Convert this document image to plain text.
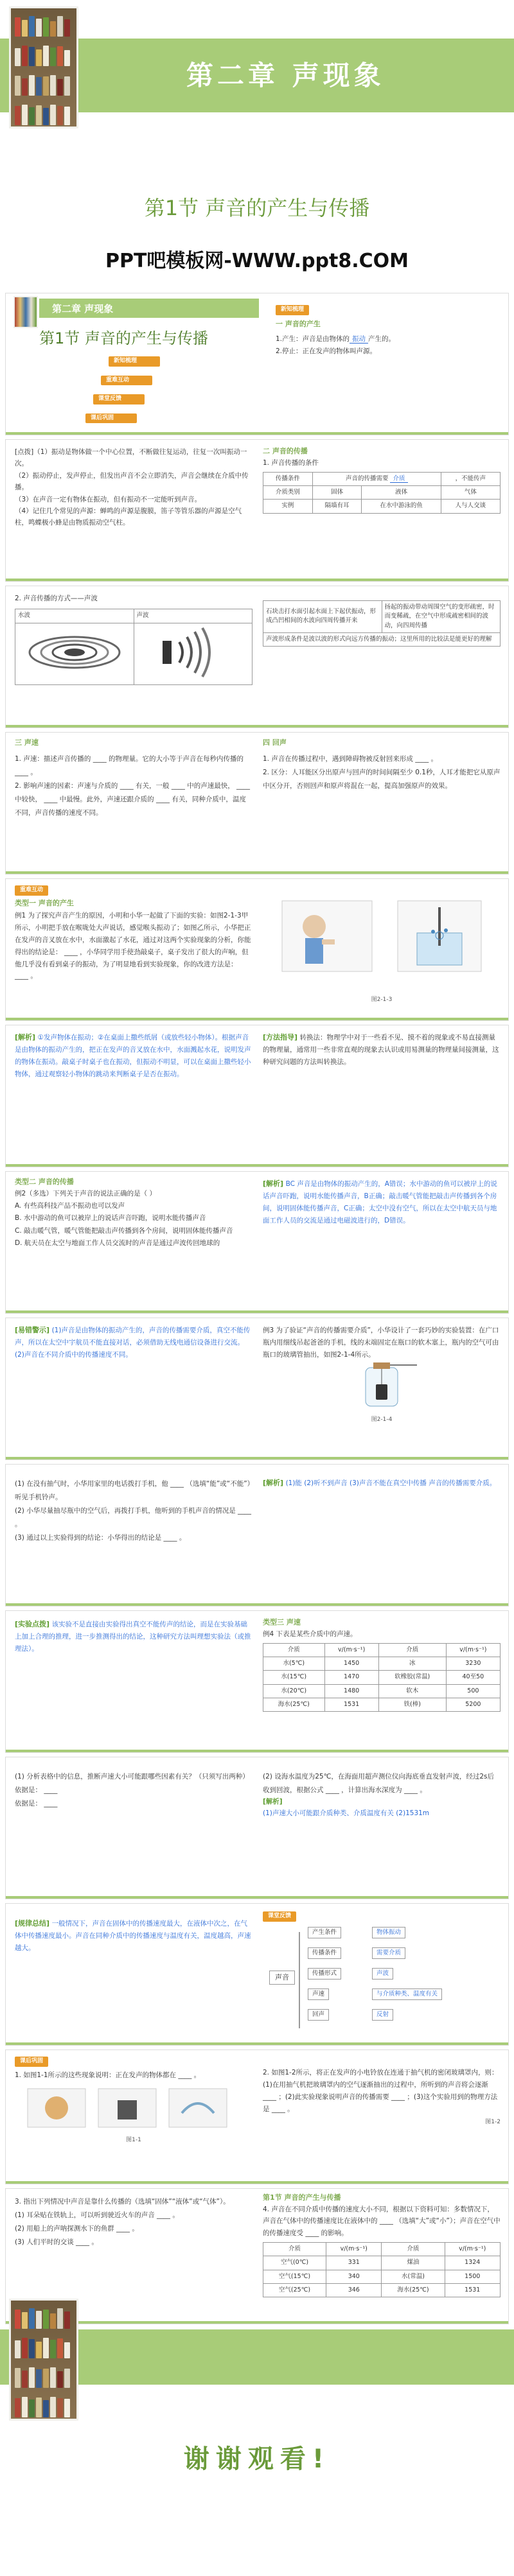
第二章 声现象
第1节 声音的产生与传播
PPT吧模板网-WWW.ppt8.COM
第二章 声现象
第1节 声音的产生与传播
新知梳理
重难互动
课堂反馈
课后巩固
新知梳理
一 声音的产生
1.产生：声音是由物体的 振动 产生的。
2.停止：正在发声的物体叫声源。
[点拨]（1）振动是物体做一个中心位置，不断做往复运动，往复一次叫振动一次。
（2）振动停止，发声停止，但发出声音不会立即消失，声音会继续在介质中传播。
（3）在声音一定有物体在振动，但有振动不一定能听到声音。
（4）记住几个常见的声源：蝉鸣的声源是腹膜，笛子等管乐器的声源是空气柱，鸣蝶极小蜂是由物质振动空气柱。
二 声音的传播
1. 声音传播的条件
传播条件	声音的传播需要 介质		，不能传声
介质类别	固体	液体	气体
实例	隔墙有耳	在水中游泳的鱼	人与人交谈
2. 声音传播的方式——声波
水波	声波

石块击打水面引起水面上下起伏振动，形成凸凹相间的水波向四周传播开来	扬起的振动带动周围空气的变形疏密，时而变稀疏，在空气中形成疏密相间的波动，向四周传播
声波形成条件是波以波的形式向远方传播的振动；这里所用的比较法是能更好的理解
三 声速
1. 声速：描述声音传播的 ____ 的物理量。它的大小等于声音在每秒内传播的 ____ 。
2. 影响声速的因素：声速与介质的 ____ 有关，一般 ____ 中的声速最快， ____ 中较快， ____ 中最慢。此外，声速还跟介质的 ____ 有关，同种介质中，温度不同，声音传播的速度不同。
四 回声
1. 声音在传播过程中，遇到障碍物被反射回来形成 ____ 。
2. 区分：人耳能区分出原声与回声的时间间隔至少 0.1秒，人耳才能把它从原声中区分开，否则回声和原声将混在一起，提高加强原声的效果。
重难互动
类型一 声音的产生
例1 为了探究声音产生的原因，小明和小华一起做了下面的实验：如图2-1-3甲所示，小明把手放在喉咙处大声说话，感觉喉头振动了；如图乙所示，小华把正在发声的音叉放在水中，水面激起了水花，通过对这两个实验现象的分析，你能得出的结论是： ____ ，小华同学用手使劲敲桌子，桌子发出了很大的声响，但他几乎没有看到桌子的振动，为了明显地看到实验现象，你的改进方法是： ____ 。
图2-1-3
[解析] ①发声物体在振动；②在桌面上撒些纸屑（或放些轻小物体）。根据声音是由物体的振动产生的，把正在发声的音叉放在水中，水面溅起水花，说明发声的物体在振动。敲桌子时桌子也在振动，但振动不明显，可以在桌面上撒些轻小物体，通过观察轻小物体的跳动来判断桌子是否在振动。
[方法指导] 转换法：物理学中对于一些看不见、摸不着的现象或不易直接测量的物理量，通常用一些非常直观的现象去认识或用易测量的物理量间接测量，这种研究问题的方法叫转换法。
类型二 声音的传播
例2（多选）下列关于声音的说法正确的是（ ）
A. 有些高科技产品不振动也可以发声
B. 水中游动的鱼可以被岸上的说话声音吓跑，说明水能传播声音
C. 敲击暖气管，暖气管能把敲击声传播到各个房间，说明固体能传播声音
D. 航天员在太空与地面工作人员交流时的声音是通过声波传回地球的
[解析] BC 声音是由物体的振动产生的，A错误；水中游动的鱼可以被岸上的说话声音吓跑，说明水能传播声音，B正确；敲击暖气管能把敲击声传播到各个房间，说明固体能传播声音，C正确；太空中没有空气，所以在太空中航天员与地面工作人员的交流是通过电磁波进行的，D错误。
[易错警示] (1)声音是由物体的振动产生的，声音的传播需要介质，真空不能传声，所以在太空中宇航员不能直接对话，必须借助无线电通信设备进行交流。(2)声音在不同介质中的传播速度不同。
例3 为了验证“声音的传播需要介质”，小华设计了一套巧妙的实验装置：在广口瓶内用细线吊起爸爸的手机，线的末端固定在瓶口的软木塞上，瓶内的空气可由瓶口的玻璃管抽出，如图2-1-4所示。
图2-1-4
(1) 在没有抽气时，小华用家里的电话拨打手机，他 ____ （选填“能”或“不能”）听见手机铃声。
(2) 小华尽量抽尽瓶中的空气后，再拨打手机，他听到的手机声音的情况是 ____ 。
(3) 通过以上实验得到的结论：小华得出的结论是 ____ 。
[解析] (1)能 (2)听不到声音 (3)声音不能在真空中传播 声音的传播需要介质。
[实验点拨] 该实验不是直接由实验得出真空不能传声的结论，而是在实验基础上加上合理的推理，进一步推测得出的结论，这种研究方法叫理想实验法（或推理法）。
类型三 声速
例4 下表是某些介质中的声速。
介质	v/(m·s⁻¹)	介质	v/(m·s⁻¹)
水(5℃)	1450	冰	3230
水(15℃)	1470	软橡胶(常温)	40至50
水(20℃)	1480	软木	500
海水(25℃)	1531	铁(棒)	5200
(1) 分析表格中的信息，推断声速大小可能跟哪些因素有关？（只须写出两种）
依据是： ____
依据是： ____
(2) 设海水温度为25℃，在海面用超声测位仪向海底垂直发射声波，经过2s后收到回波，根据公式 ____ ，计算出海水深度为 ____ 。
[解析]
(1)声速大小可能跟介质种类、介质温度有关 (2)1531m
[规律总结] 一般情况下，声音在固体中的传播速度最大，在液体中次之，在气体中传播速度最小。声音在同种介质中的传播速度与温度有关，温度越高，声速越大。
课堂反馈
声音
产生条件
传播条件
传播形式
声速
回声
物体振动
需要介质
声波
与介质种类、温度有关
反射
课后巩固
1. 如图1-1所示的这些现象说明：正在发声的物体都在 ____ 。
图1-1
2. 如图1-2所示，将正在发声的小电铃放在连通于抽气机的密闭玻璃罩内，则：(1)在用抽气机把玻璃罩内的空气逐渐抽出的过程中，所听到的声音将会逐渐 ____ ；(2)此实验现象说明声音的传播需要 ____ ；(3)这个实验用到的物理方法是 ____ 。
图1-2
3. 指出下列情况中声音是靠什么传播的（选填“固体”“液体”或“气体”）。
(1) 耳朵贴在铁轨上，可以听到驶近火车的声音 ____ 。
(2) 用船上的声呐探测水下的鱼群 ____ 。
(3) 人们平时的交谈 ____ 。
第1节 声音的产生与传播
4. 声音在不同介质中传播的速度大小不同，根据以下资料可知：多数情况下，声音在气体中的传播速度比在液体中的 ____ （选填“大”或“小”）；声音在空气中的传播速度受 ____ 的影响。
介质	v/(m·s⁻¹)	介质	v/(m·s⁻¹)
空气(0℃)	331	煤油	1324
空气(15℃)	340	水(常温)	1500
空气(25℃)	346	海水(25℃)	1531
谢谢观看!
